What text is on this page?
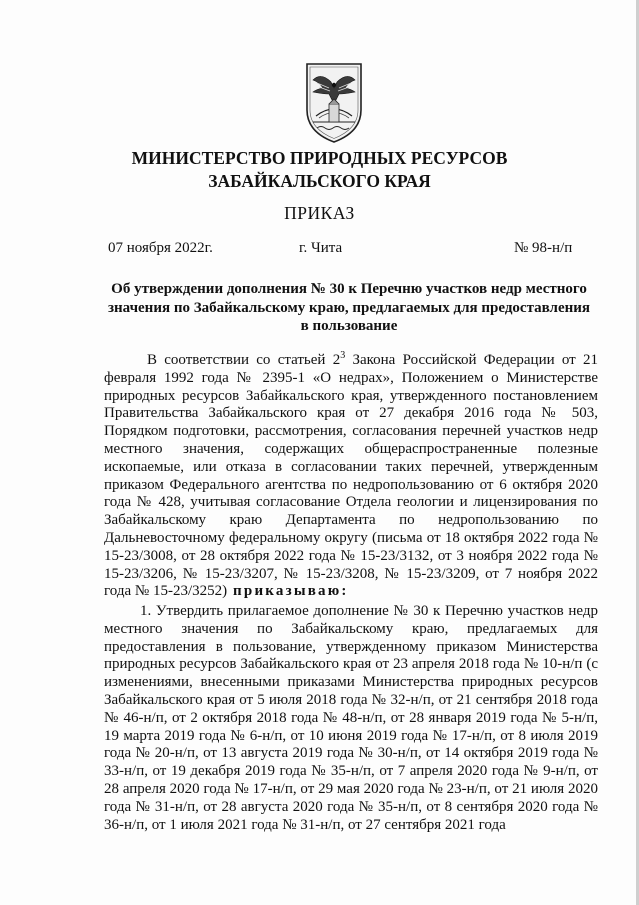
МИНИСТЕРСТВО ПРИРОДНЫХ РЕСУРСОВ
ЗАБАЙКАЛЬСКОГО КРАЯ
ПРИКАЗ
07 ноября 2022г.	г. Чита	№ 98-н/п
Об утверждении дополнения № 30 к Перечню участков недр местного значения по Забайкальскому краю, предлагаемых для предоставления в пользование
В соответствии со статьей $2^3$ Закона Российской Федерации от 21 февраля 1992 года № 2395-1 «О недрах», Положением о Министерстве природных ресурсов Забайкальского края, утвержденного постановлением Правительства Забайкальского края от 27 декабря 2016 года № 503, Порядком подготовки, рассмотрения, согласования перечней участков недр местного значения, содержащих общераспространенные полезные ископаемые, или отказа в согласовании таких перечней, утвержденным приказом Федерального агентства по недропользованию от 6 октября 2020 года № 428, учитывая согласование Отдела геологии и лицензирования по Забайкальскому краю Департамента по недропользованию по Дальневосточному федеральному округу (письма от 18 октября 2022 года № 15-23/3008, от 28 октября 2022 года № 15-23/3132, от 3 ноября 2022 года № 15-23/3206, № 15-23/3207, № 15-23/3208, № 15-23/3209, от 7 ноября 2022 года № 15-23/3252) приказываю:
1. Утвердить прилагаемое дополнение № 30 к Перечню участков недр местного значения по Забайкальскому краю, предлагаемых для предоставления в пользование, утвержденному приказом Министерства природных ресурсов Забайкальского края от 23 апреля 2018 года № 10-н/п (с изменениями, внесенными приказами Министерства природных ресурсов Забайкальского края от 5 июля 2018 года № 32-н/п, от 21 сентября 2018 года № 46-н/п, от 2 октября 2018 года № 48-н/п, от 28 января 2019 года № 5-н/п, 19 марта 2019 года № 6-н/п, от 10 июня 2019 года № 17-н/п, от 8 июля 2019 года № 20-н/п, от 13 августа 2019 года № 30-н/п, от 14 октября 2019 года № 33-н/п, от 19 декабря 2019 года № 35-н/п, от 7 апреля 2020 года № 9-н/п, от 28 апреля 2020 года № 17-н/п, от 29 мая 2020 года № 23-н/п, от 21 июля 2020 года № 31-н/п, от 28 августа 2020 года № 35-н/п, от 8 сентября 2020 года № 36-н/п, от 1 июля 2021 года № 31-н/п, от 27 сентября 2021 года
